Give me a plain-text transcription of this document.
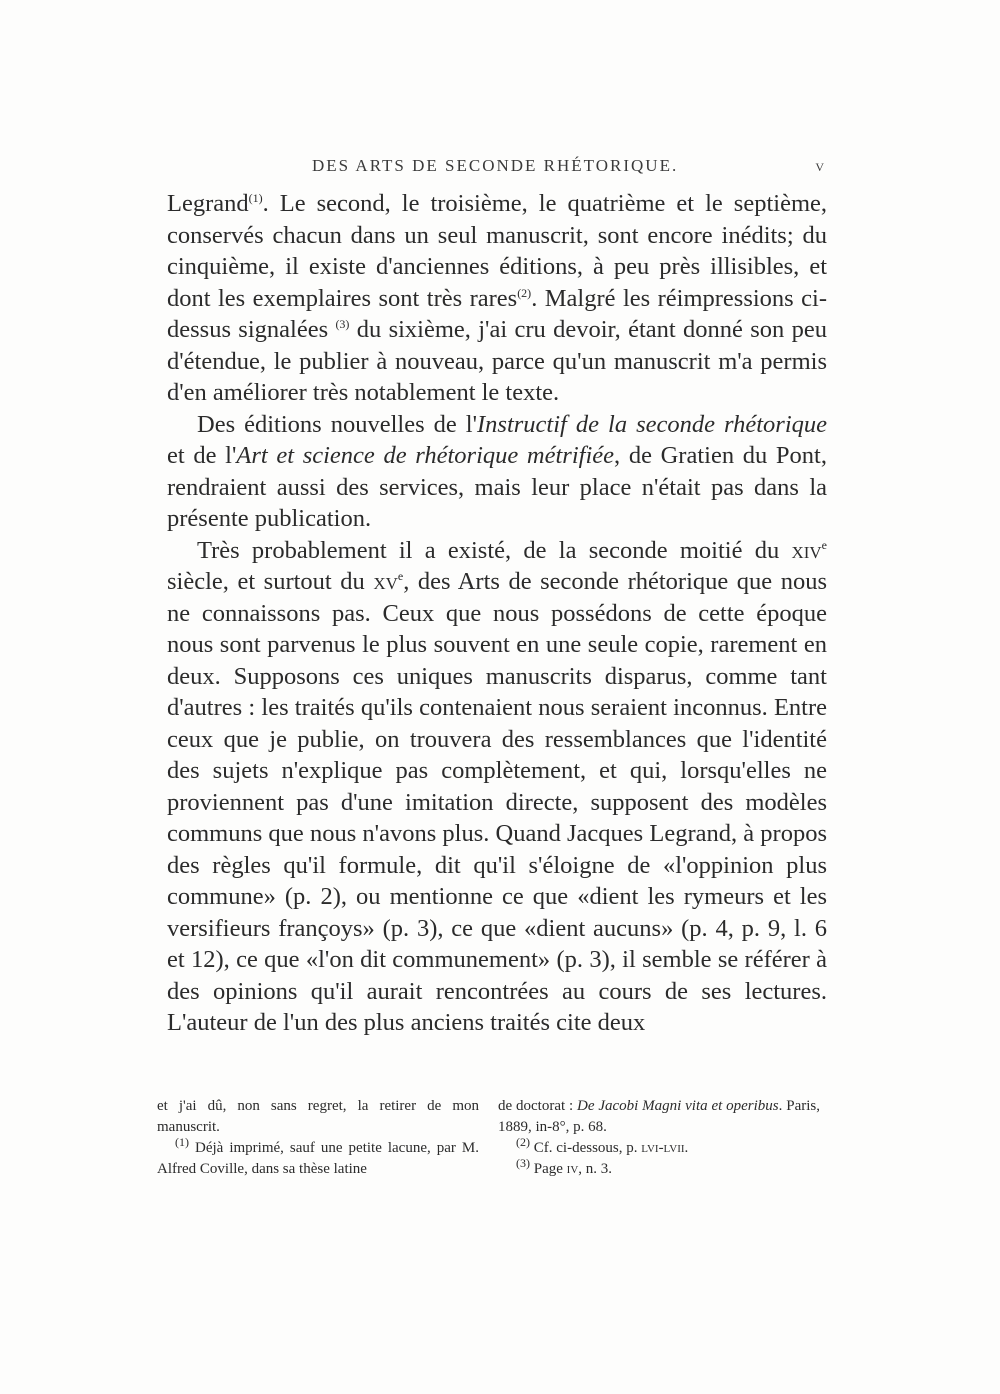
DES ARTS DE SECONDE RHÉTORIQUE.	v

Legrand$^{(1)}$. Le second, le troisième, le quatrième et le septième, conservés chacun dans un seul manuscrit, sont encore inédits; du cinquième, il existe d'anciennes éditions, à peu près illisibles, et dont les exemplaires sont très rares$^{(2)}$. Malgré les réimpressions ci-dessus signalées $^{(3)}$ du sixième, j'ai cru devoir, étant donné son peu d'étendue, le publier à nouveau, parce qu'un manuscrit m'a permis d'en améliorer très notablement le texte.

Des éditions nouvelles de l'Instructif de la seconde rhétorique et de l'Art et science de rhétorique métrifiée, de Gratien du Pont, rendraient aussi des services, mais leur place n'était pas dans la présente publication.

Très probablement il a existé, de la seconde moitié du xiv$^e$ siècle, et surtout du $xv^e$, des Arts de seconde rhétorique que nous ne connaissons pas. Ceux que nous possédons de cette époque nous sont parvenus le plus souvent en une seule copie, rarement en deux. Supposons ces uniques manuscrits disparus, comme tant d'autres : les traités qu'ils contenaient nous seraient inconnus. Entre ceux que je publie, on trouvera des ressemblances que l'identité des sujets n'explique pas complètement, et qui, lorsqu'elles ne proviennent pas d'une imitation directe, supposent des modèles communs que nous n'avons plus. Quand Jacques Legrand, à propos des règles qu'il formule, dit qu'il s'éloigne de «l'oppinion plus commune» (p. 2), ou mentionne ce que «dient les rymeurs et les versifieurs françoys» (p. 3), ce que «dient aucuns» (p. 4, p. 9, l. 6 et 12), ce que «l'on dit communement» (p. 3), il semble se référer à des opinions qu'il aurait rencontrées au cours de ses lectures. L'auteur de l'un des plus anciens traités cite deux

et j'ai dû, non sans regret, la retirer de mon manuscrit.

$^{(1)}$ Déjà imprimé, sauf une petite lacune, par M. Alfred Coville, dans sa thèse latine

de doctorat : De Jacobi Magni vita et operibus. Paris, 1889, in-8°, p. 68.

$^{(2)}$ Cf. ci-dessous, p. lvi-lvii.

$^{(3)}$ Page iv, n. 3.
